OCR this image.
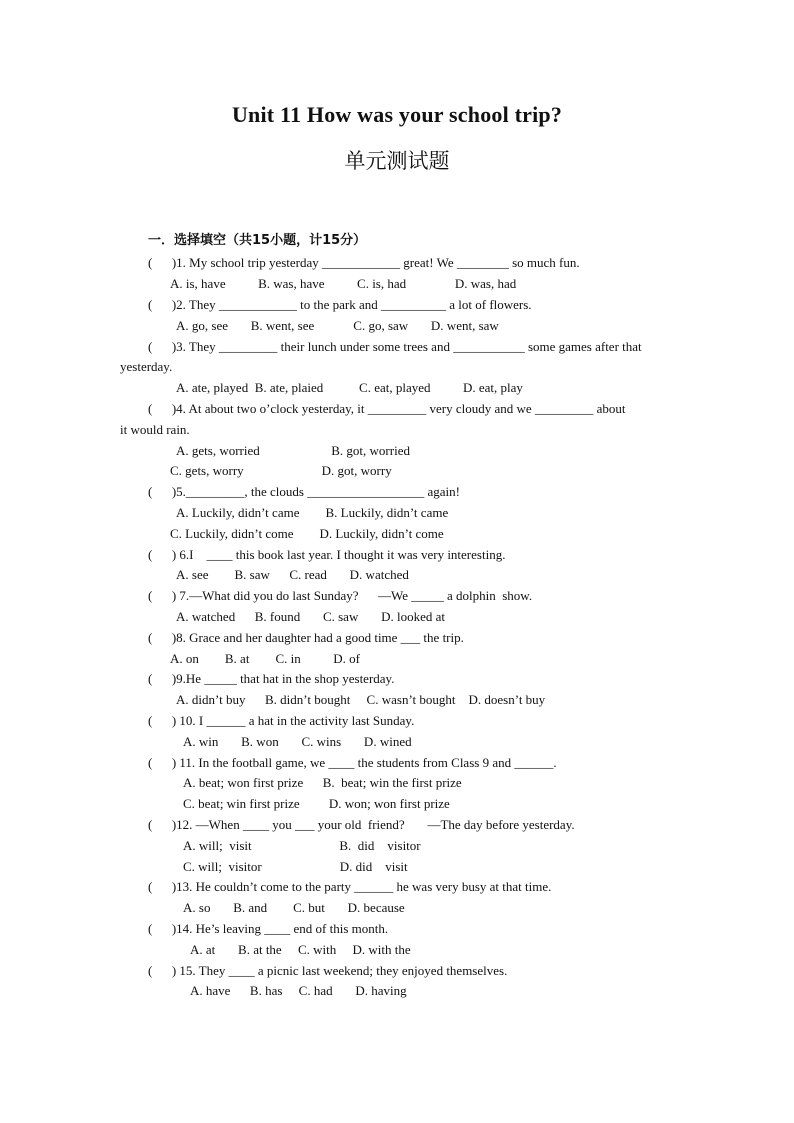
Unit 11 How was your school trip?
单元测试题
一．选择填空（共15小题，计15分）
(      )1. My school trip yesterday ____________ great! We ________ so much fun.
A. is, have          B. was, have          C. is, had               D. was, had
(      )2. They ____________ to the park and __________ a lot of flowers.
A. go, see       B. went, see            C. go, saw       D. went, saw
(      )3. They _________ their lunch under some trees and ___________ some games after that
yesterday.
A. ate, played  B. ate, plaied           C. eat, played          D. eat, play
(      )4. At about two o’clock yesterday, it _________ very cloudy and we _________ about
it would rain.
A. gets, worried                      B. got, worried
C. gets, worry                        D. got, worry
(      )5._________, the clouds __________________ again!
A. Luckily, didn’t came        B. Luckily, didn’t came
C. Luckily, didn’t come        D. Luckily, didn’t come
(      ) 6.I    ____ this book last year. I thought it was very interesting.
A. see        B. saw      C. read       D. watched
(      ) 7.—What did you do last Sunday?      —We _____ a dolphin  show.
A. watched      B. found       C. saw       D. looked at
(      )8. Grace and her daughter had a good time ___ the trip.
A. on        B. at        C. in          D. of
(      )9.He _____ that hat in the shop yesterday.
A. didn’t buy      B. didn’t bought     C. wasn’t bought    D. doesn’t buy
(      ) 10. I ______ a hat in the activity last Sunday.
A. win       B. won       C. wins       D. wined
(      ) 11. In the football game, we ____ the students from Class 9 and ______.
A. beat; won first prize      B.  beat; win the first prize
C. beat; win first prize         D. won; won first prize
(      )12. —When ____ you ___ your old  friend?       —The day before yesterday.
A. will;  visit                           B.  did    visitor
C. will;  visitor                        D. did    visit
(      )13. He couldn’t come to the party ______ he was very busy at that time.
A. so       B. and        C. but       D. because
(      )14. He’s leaving ____ end of this month.
A. at       B. at the     C. with     D. with the
(      ) 15. They ____ a picnic last weekend; they enjoyed themselves.
A. have      B. has     C. had       D. having
